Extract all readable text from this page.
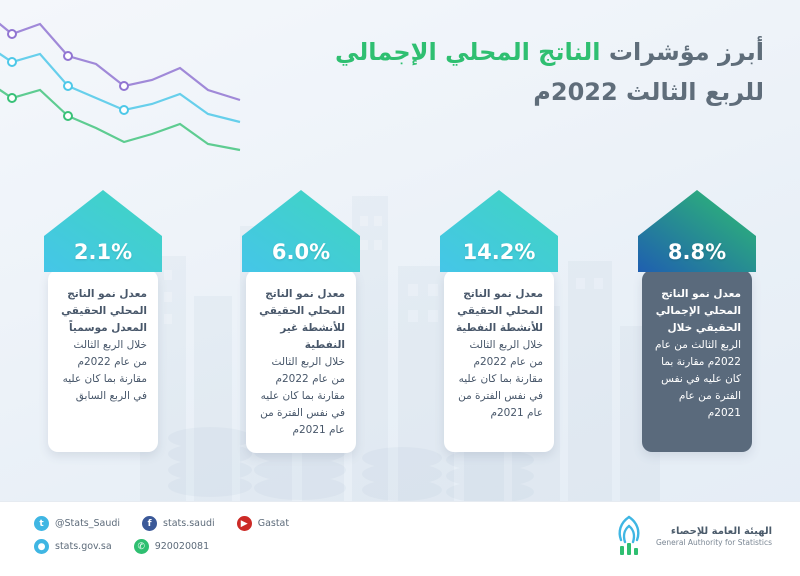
أبرز مؤشرات الناتج المحلي الإجمالي
للربع الثالث 2022م
8.8%
معدل نمو الناتج المحلي الإجمالي الحقيقي خلال
الربع الثالث من عام 2022م مقارنة بما كان عليه في نفس الفترة من عام 2021م
14.2%
معدل نمو الناتج المحلي الحقيقي للأنشطة النفطية
خلال الربع الثالث من عام 2022م مقارنة بما كان عليه في نفس الفترة من عام 2021م
6.0%
معدل نمو الناتج المحلي الحقيقي للأنشطة غير النفطية
خلال الربع الثالث من عام 2022م مقارنة بما كان عليه في نفس الفترة من عام 2021م
2.1%
معدل نمو الناتج المحلي الحقيقي المعدل موسمياً
خلال الربع الثالث من عام 2022م مقارنة بما كان عليه في الربع السابق
t	@Stats_Saudi	f	stats.saudi	▶	Gastat
●	stats.gov.sa	✆	920020081
الهيئة العامة للإحصاء
General Authority for Statistics
